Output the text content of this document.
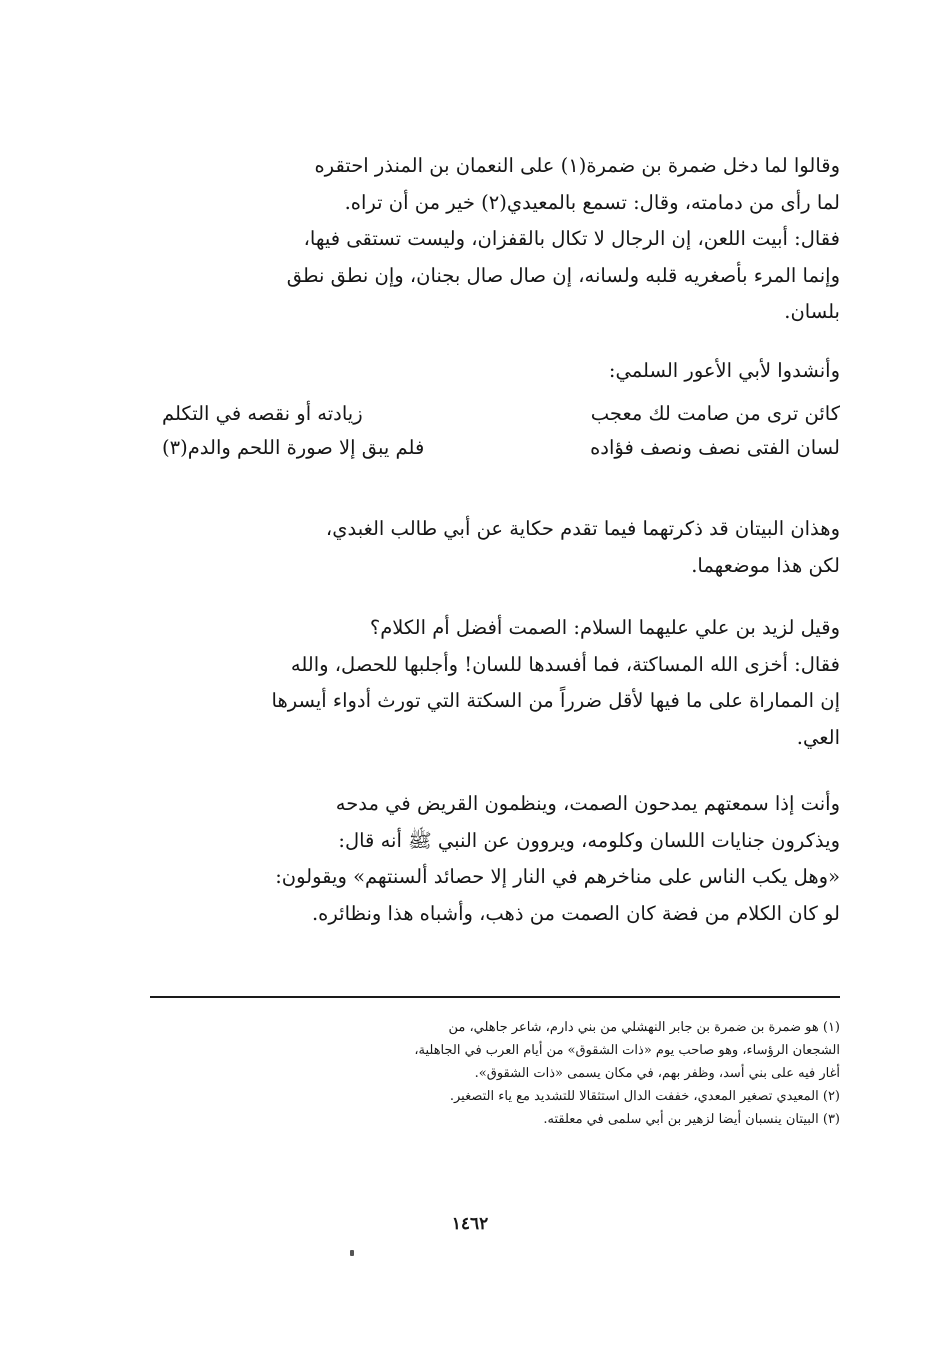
وقالوا لما دخل ضمرة بن ضمرة(١) على النعمان بن المنذر احتقره
لما رأى من دمامته، وقال: تسمع بالمعيدي(٢) خير من أن تراه.
فقال: أبيت اللعن، إن الرجال لا تكال بالقفزان، وليست تستقى فيها،
وإنما المرء بأصغريه قلبه ولسانه، إن صال صال بجنان، وإن نطق نطق
بلسان.

وأنشدوا لأبي الأعور السلمي:

كائن ترى من صامت لك معجب
زيادته أو نقصه في التكلم
لسان الفتى نصف ونصف فؤاده
فلم يبق إلا صورة اللحم والدم(٣)

وهذان البيتان قد ذكرتهما فيما تقدم حكاية عن أبي طالب الغبدي،
لكن هذا موضعهما.

وقيل لزيد بن علي عليهما السلام: الصمت أفضل أم الكلام؟
فقال: أخزى الله المساكتة، فما أفسدها للسان! وأجلبها للحصل، والله
إن المماراة على ما فيها لأقل ضرراً من السكتة التي تورث أدواء أيسرها
العي.

وأنت إذا سمعتهم يمدحون الصمت، وينظمون القريض في مدحه
ويذكرون جنايات اللسان وكلومه، ويروون عن النبي ﷺ أنه قال:
«وهل يكب الناس على مناخرهم في النار إلا حصائد ألسنتهم» ويقولون:
لو كان الكلام من فضة كان الصمت من ذهب، وأشباه هذا ونظائره.

(١) هو ضمرة بن ضمرة بن جابر النهشلي من بني دارم، شاعر جاهلي، من

الشجعان الرؤساء، وهو صاحب يوم «ذات الشقوق» من أيام العرب في الجاهلية،

أغار فيه على بني أسد، وظفر بهم، في مكان يسمى «ذات الشقوق».

(٢) المعيدي تصغير المعدي، خففت الدال استثقالا للتشديد مع ياء التصغير.

(٣) البيتان ينسبان أيضا لزهير بن أبي سلمى في معلقته.

١٤٦٢
